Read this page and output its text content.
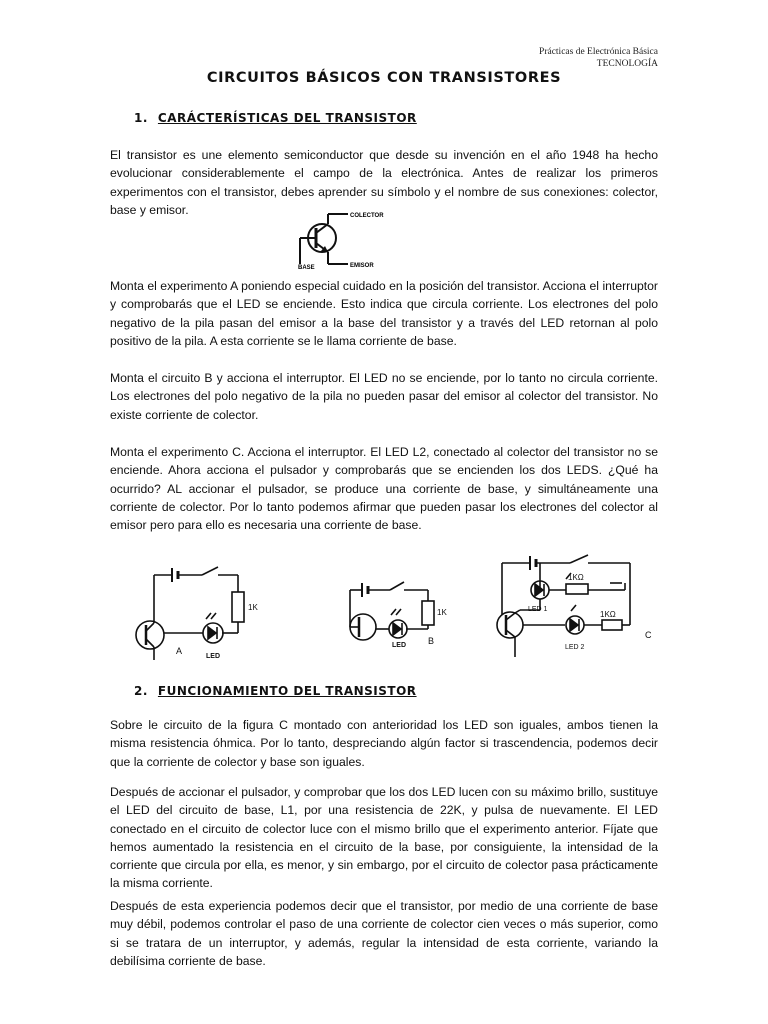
Prácticas de Electrónica Básica
TECNOLOGÍA
CIRCUITOS BÁSICOS CON TRANSISTORES
1. CARÁCTERÍSTICAS DEL TRANSISTOR

El transistor es une elemento semiconductor que desde su invención en el año 1948 ha hecho evolucionar considerablemente el campo de la electrónica. Antes de realizar los primeros experimentos con el transistor, debes aprender su símbolo y el nombre de sus conexiones: colector, base y emisor.	COLECTOR
BASE	EMISOR

Monta el experimento A poniendo especial cuidado en la posición del transistor. Acciona el interruptor y comprobarás que el LED se enciende. Esto indica que circula corriente. Los electrones del polo negativo de la pila pasan del emisor a la base del transistor y a través del LED retornan al polo positivo de la pila. A esta corriente se le llama corriente de base.

Monta el circuito B y acciona el interruptor. El LED no se enciende, por lo tanto no circula corriente. Los electrones del polo negativo de la pila no pueden pasar del emisor al colector del transistor. No existe corriente de colector.

Monta el experimento C. Acciona el interruptor. El LED L2, conectado al colector del transistor no se enciende. Ahora acciona el pulsador y comprobarás que se encienden los dos LEDS. ¿Qué ha ocurrido? AL accionar el pulsador, se produce una corriente de base, y simultáneamente una corriente de colector. Por lo tanto podemos afirmar que pueden pasar los electrones del colector al emisor pero para ello es necesaria una corriente de base.

A
LED
1K
B
LED
1K
C
LED 1
LED 2
1KΩ
1KΩ
2. FUNCIONAMIENTO DEL TRANSISTOR

Sobre le circuito de la figura C montado con anterioridad los LED son iguales, ambos tienen la misma resistencia óhmica. Por lo tanto, despreciando algún factor si trascendencia, podemos decir que la corriente de colector y base son iguales.

Después de accionar el pulsador, y comprobar que los dos LED lucen con su máximo brillo, sustituye el LED del circuito de base, L1, por una resistencia de 22K, y pulsa de nuevamente. El LED conectado en el circuito de colector luce con el mismo brillo que el experimento anterior. Fíjate que hemos aumentado la resistencia en el circuito de la base, por consiguiente, la intensidad de la corriente que circula por ella, es menor, y sin embargo, por el circuito de colector pasa prácticamente la misma corriente.

Después de esta experiencia podemos decir que el transistor, por medio de una corriente de base muy débil, podemos controlar el paso de una corriente de colector cien veces o más superior, como si se tratara de un interruptor, y además, regular la intensidad de esta corriente, variando la debilísima corriente de base.
